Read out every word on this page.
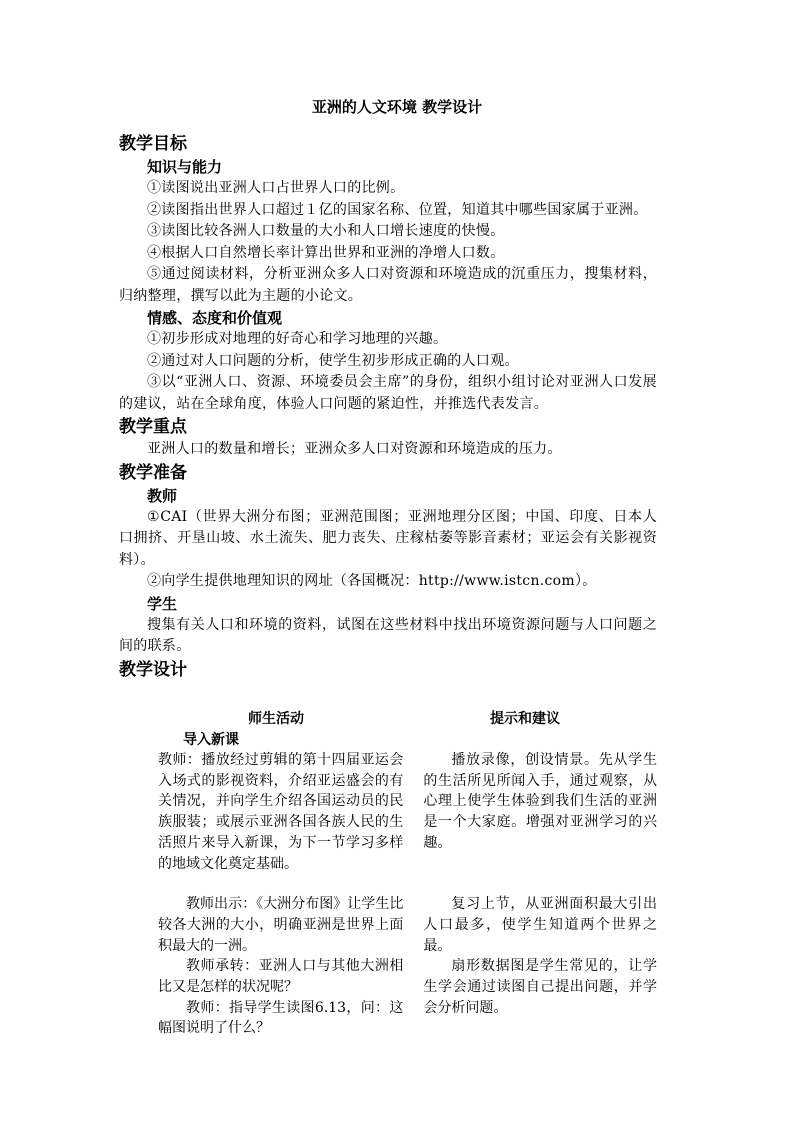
亚洲的人文环境 教学设计
教学目标
知识与能力

①读图说出亚洲人口占世界人口的比例。

②读图指出世界人口超过１亿的国家名称、位置，知道其中哪些国家属于亚洲。

③读图比较各洲人口数量的大小和人口增长速度的快慢。

④根据人口自然增长率计算出世界和亚洲的净增人口数。

⑤通过阅读材料，分析亚洲众多人口对资源和环境造成的沉重压力，搜集材料，归纳整理，撰写以此为主题的小论文。

情感、态度和价值观

①初步形成对地理的好奇心和学习地理的兴趣。

②通过对人口问题的分析，使学生初步形成正确的人口观。

③以“亚洲人口、资源、环境委员会主席”的身份，组织小组讨论对亚洲人口发展的建议，站在全球角度，体验人口问题的紧迫性，并推选代表发言。

教学重点

亚洲人口的数量和增长；亚洲众多人口对资源和环境造成的压力。

教学准备
教师

①CAI（世界大洲分布图；亚洲范围图；亚洲地理分区图；中国、印度、日本人口拥挤、开垦山坡、水土流失、肥力丧失、庄稼枯萎等影音素材；亚运会有关影视资料）。

②向学生提供地理知识的网址（各国概况：http://www.istcn.com）。

学生

搜集有关人口和环境的资料，试图在这些材料中找出环境资源问题与人口问题之间的联系。

教学设计
师生活动	提示和建议
导入新课

教师：播放经过剪辑的第十四届亚运会入场式的影视资料，介绍亚运盛会的有关情况，并向学生介绍各国运动员的民族服装；或展示亚洲各国各族人民的生活照片来导入新课，为下一节学习多样的地域文化奠定基础。

播放录像，创设情景。先从学生的生活所见所闻入手，通过观察，从心理上使学生体验到我们生活的亚洲是一个大家庭。增强对亚洲学习的兴趣。

教师出示：《大洲分布图》让学生比较各大洲的大小，明确亚洲是世界上面积最大的一洲。

教师承转：亚洲人口与其他大洲相比又是怎样的状况呢？

教师：指导学生读图6.13，问：这幅图说明了什么？

复习上节，从亚洲面积最大引出人口最多，使学生知道两个世界之最。

扇形数据图是学生常见的，让学生学会通过读图自己提出问题，并学会分析问题。
